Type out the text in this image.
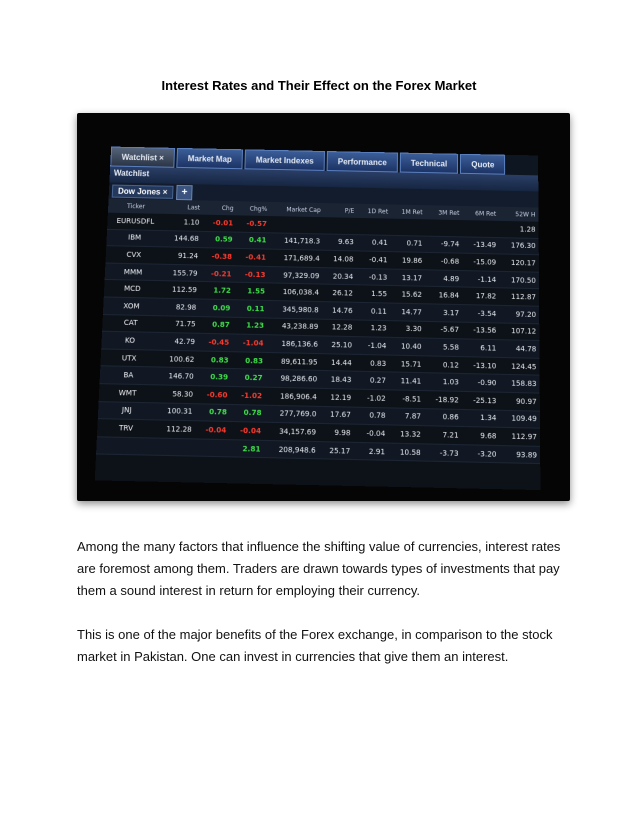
Interest Rates and Their Effect on the Forex Market
Watchlist ×	Market Map	Market Indexes	Performance	Technical	Quote
Watchlist
Dow Jones ×	+
Ticker	Last	Chg	Chg%	Market Cap	P/E	1D Ret	1M Ret	3M Ret	6M Ret	52W H
EURUSDFL	1.10	-0.01	-0.57							1.28
IBM	144.68	0.59	0.41	141,718.3	9.63	0.41	0.71	-9.74	-13.49	176.30
CVX	91.24	-0.38	-0.41	171,689.4	14.08	-0.41	19.86	-0.68	-15.09	120.17
MMM	155.79	-0.21	-0.13	97,329.09	20.34	-0.13	13.17	4.89	-1.14	170.50
MCD	112.59	1.72	1.55	106,038.4	26.12	1.55	15.62	16.84	17.82	112.87
XOM	82.98	0.09	0.11	345,980.8	14.76	0.11	14.77	3.17	-3.54	97.20
CAT	71.75	0.87	1.23	43,238.89	12.28	1.23	3.30	-5.67	-13.56	107.12
KO	42.79	-0.45	-1.04	186,136.6	25.10	-1.04	10.40	5.58	6.11	44.78
UTX	100.62	0.83	0.83	89,611.95	14.44	0.83	15.71	0.12	-13.10	124.45
BA	146.70	0.39	0.27	98,286.60	18.43	0.27	11.41	1.03	-0.90	158.83
WMT	58.30	-0.60	-1.02	186,906.4	12.19	-1.02	-8.51	-18.92	-25.13	90.97
JNJ	100.31	0.78	0.78	277,769.0	17.67	0.78	7.87	0.86	1.34	109.49
TRV	112.28	-0.04	-0.04	34,157.69	9.98	-0.04	13.32	7.21	9.68	112.97
			2.81	208,948.6	25.17	2.91	10.58	-3.73	-3.20	93.89

Among the many factors that influence the shifting value of currencies, interest rates are foremost among them. Traders are drawn towards types of investments that pay them a sound interest in return for employing their currency.

This is one of the major benefits of the Forex exchange, in comparison to the stock market in Pakistan. One can invest in currencies that give them an interest.
